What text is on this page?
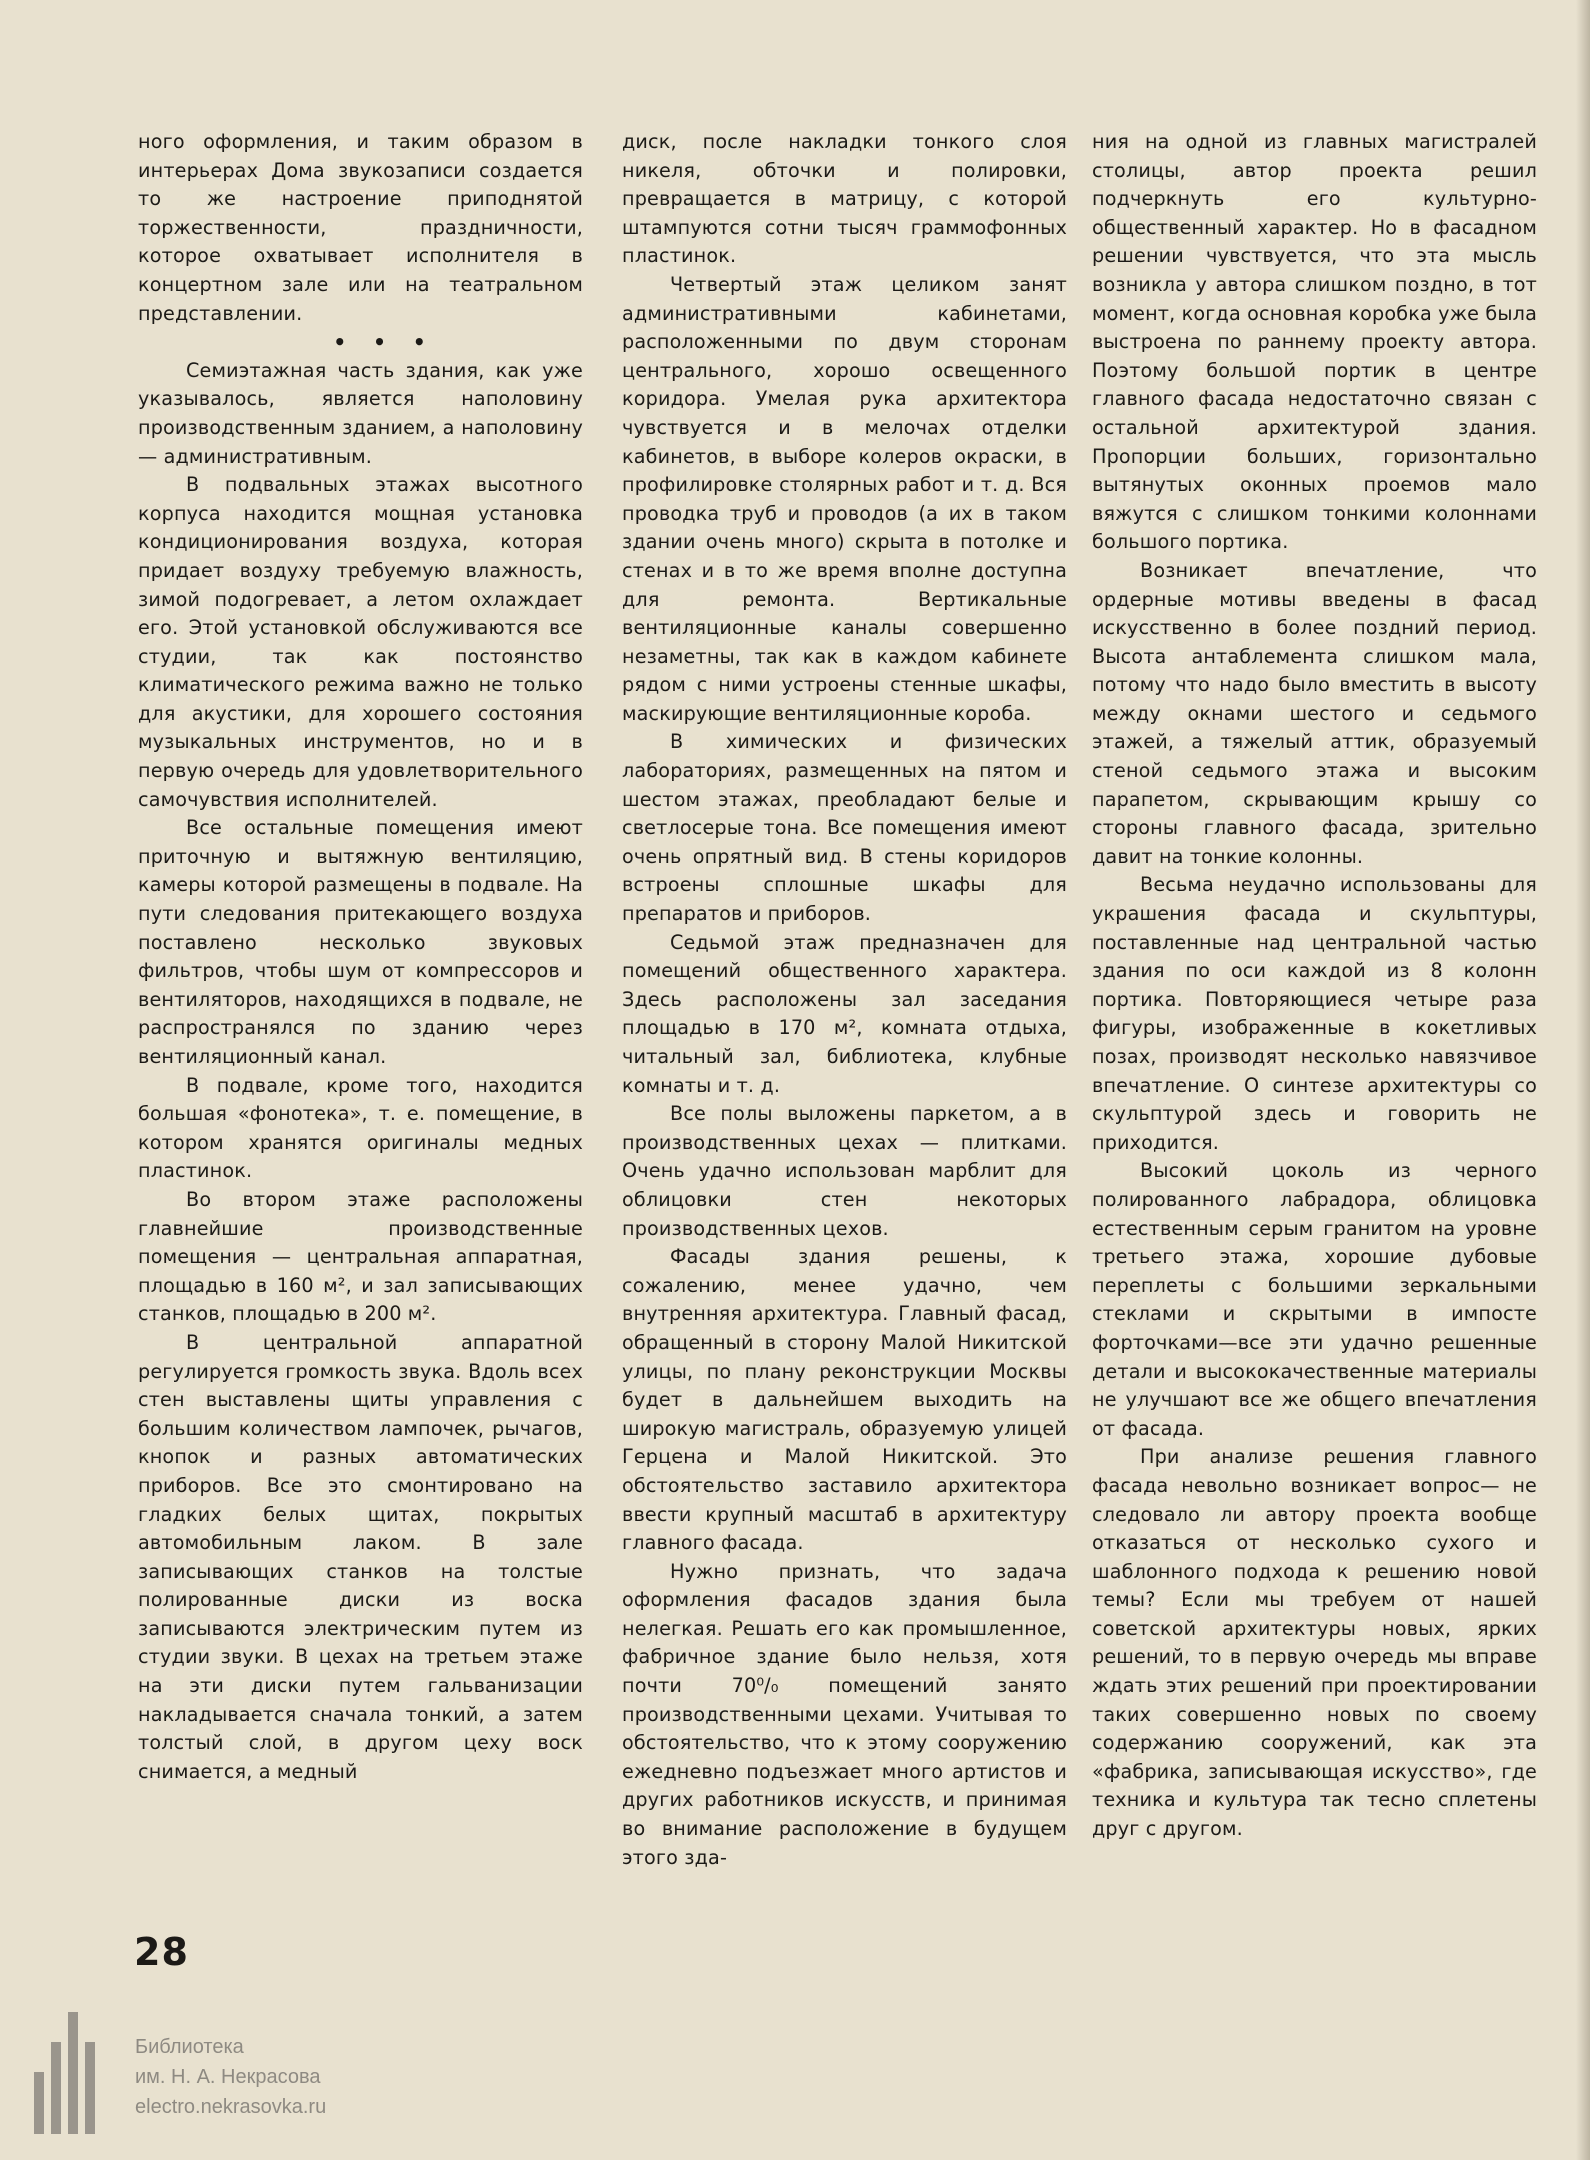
ного оформления, и таким образом в интерьерах Дома звукозаписи создается то же настроение приподнятой торжественности, праздничности, которое охватывает исполнителя в концертном зале или на театральном представлении.

• • •

Семиэтажная часть здания, как уже указывалось, является наполовину производственным зданием, а наполовину — административным.

В подвальных этажах высотного корпуса находится мощная установка кондиционирования воздуха, которая придает воздуху требуемую влажность, зимой подогревает, а летом охлаждает его. Этой установкой обслуживаются все студии, так как постоянство климатического режима важно не только для акустики, для хорошего состояния музыкальных инструментов, но и в первую очередь для удовлетворительного самочувствия исполнителей.

Все остальные помещения имеют приточную и вытяжную вентиляцию, камеры которой размещены в подвале. На пути следования притекающего воздуха поставлено несколько звуковых фильтров, чтобы шум от компрессоров и вентиляторов, находящихся в подвале, не распространялся по зданию через вентиляционный канал.

В подвале, кроме того, находится большая «фонотека», т. е. помещение, в котором хранятся оригиналы медных пластинок.

Во втором этаже расположены главнейшие производственные помещения — центральная аппаратная, площадью в 160 м², и зал записывающих станков, площадью в 200 м².

В центральной аппаратной регулируется громкость звука. Вдоль всех стен выставлены щиты управления с большим количеством лампочек, рычагов, кнопок и разных автоматических приборов. Все это смонтировано на гладких белых щитах, покрытых автомобильным лаком. В зале записывающих станков на толстые полированные диски из воска записываются электрическим путем из студии звуки. В цехах на третьем этаже на эти диски путем гальванизации накладывается сначала тонкий, а затем толстый слой, в другом цеху воск снимается, а медный

диск, после накладки тонкого слоя никеля, обточки и полировки, превращается в матрицу, с которой штампуются сотни тысяч граммофонных пластинок.

Четвертый этаж целиком занят административными кабинетами, расположенными по двум сторонам центрального, хорошо освещенного коридора. Умелая рука архитектора чувствуется и в мелочах отделки кабинетов, в выборе колеров окраски, в профилировке столярных работ и т. д. Вся проводка труб и проводов (а их в таком здании очень много) скрыта в потолке и стенах и в то же время вполне доступна для ремонта. Вертикальные вентиляционные каналы совершенно незаметны, так как в каждом кабинете рядом с ними устроены стенные шкафы, маскирующие вентиляционные короба.

В химических и физических лабораториях, размещенных на пятом и шестом этажах, преобладают белые и светлосерые тона. Все помещения имеют очень опрятный вид. В стены коридоров встроены сплошные шкафы для препаратов и приборов.

Седьмой этаж предназначен для помещений общественного характера. Здесь расположены зал заседания площадью в 170 м², комната отдыха, читальный зал, библиотека, клубные комнаты и т. д.

Все полы выложены паркетом, а в производственных цехах — плитками. Очень удачно использован марблит для облицовки стен некоторых производственных цехов.

Фасады здания решены, к сожалению, менее удачно, чем внутренняя архитектура. Главный фасад, обращенный в сторону Малой Никитской улицы, по плану реконструкции Москвы будет в дальнейшем выходить на широкую магистраль, образуемую улицей Герцена и Малой Никитской. Это обстоятельство заставило архитектора ввести крупный масштаб в архитектуру главного фасада.

Нужно признать, что задача оформления фасадов здания была нелегкая. Решать его как промышленное, фабричное здание было нельзя, хотя почти 70⁰/₀ помещений занято производственными цехами. Учитывая то обстоятельство, что к этому сооружению ежедневно подъезжает много артистов и других работников искусств, и принимая во внимание расположение в будущем этого зда-

ния на одной из главных магистралей столицы, автор проекта решил подчеркнуть его культурно-общественный характер. Но в фасадном решении чувствуется, что эта мысль возникла у автора слишком поздно, в тот момент, когда основная коробка уже была выстроена по раннему проекту автора. Поэтому большой портик в центре главного фасада недостаточно связан с остальной архитектурой здания. Пропорции больших, горизонтально вытянутых оконных проемов мало вяжутся с слишком тонкими колоннами большого портика.

Возникает впечатление, что ордерные мотивы введены в фасад искусственно в более поздний период. Высота антаблемента слишком мала, потому что надо было вместить в высоту между окнами шестого и седьмого этажей, а тяжелый аттик, образуемый стеной седьмого этажа и высоким парапетом, скрывающим крышу со стороны главного фасада, зрительно давит на тонкие колонны.

Весьма неудачно использованы для украшения фасада и скульптуры, поставленные над центральной частью здания по оси каждой из 8 колонн портика. Повторяющиеся четыре раза фигуры, изображенные в кокетливых позах, производят несколько навязчивое впечатление. О синтезе архитектуры со скульптурой здесь и говорить не приходится.

Высокий цоколь из черного полированного лабрадора, облицовка естественным серым гранитом на уровне третьего этажа, хорошие дубовые переплеты с большими зеркальными стеклами и скрытыми в импосте форточками—все эти удачно решенные детали и высококачественные материалы не улучшают все же общего впечатления от фасада.

При анализе решения главного фасада невольно возникает вопрос— не следовало ли автору проекта вообще отказаться от несколько сухого и шаблонного подхода к решению новой темы? Если мы требуем от нашей советской архитектуры новых, ярких решений, то в первую очередь мы вправе ждать этих решений при проектировании таких совершенно новых по своему содержанию сооружений, как эта «фабрика, записывающая искусство», где техника и культура так тесно сплетены друг с другом.

28
Библиотека
им. Н. А. Некрасова
electro.nekrasovka.ru
